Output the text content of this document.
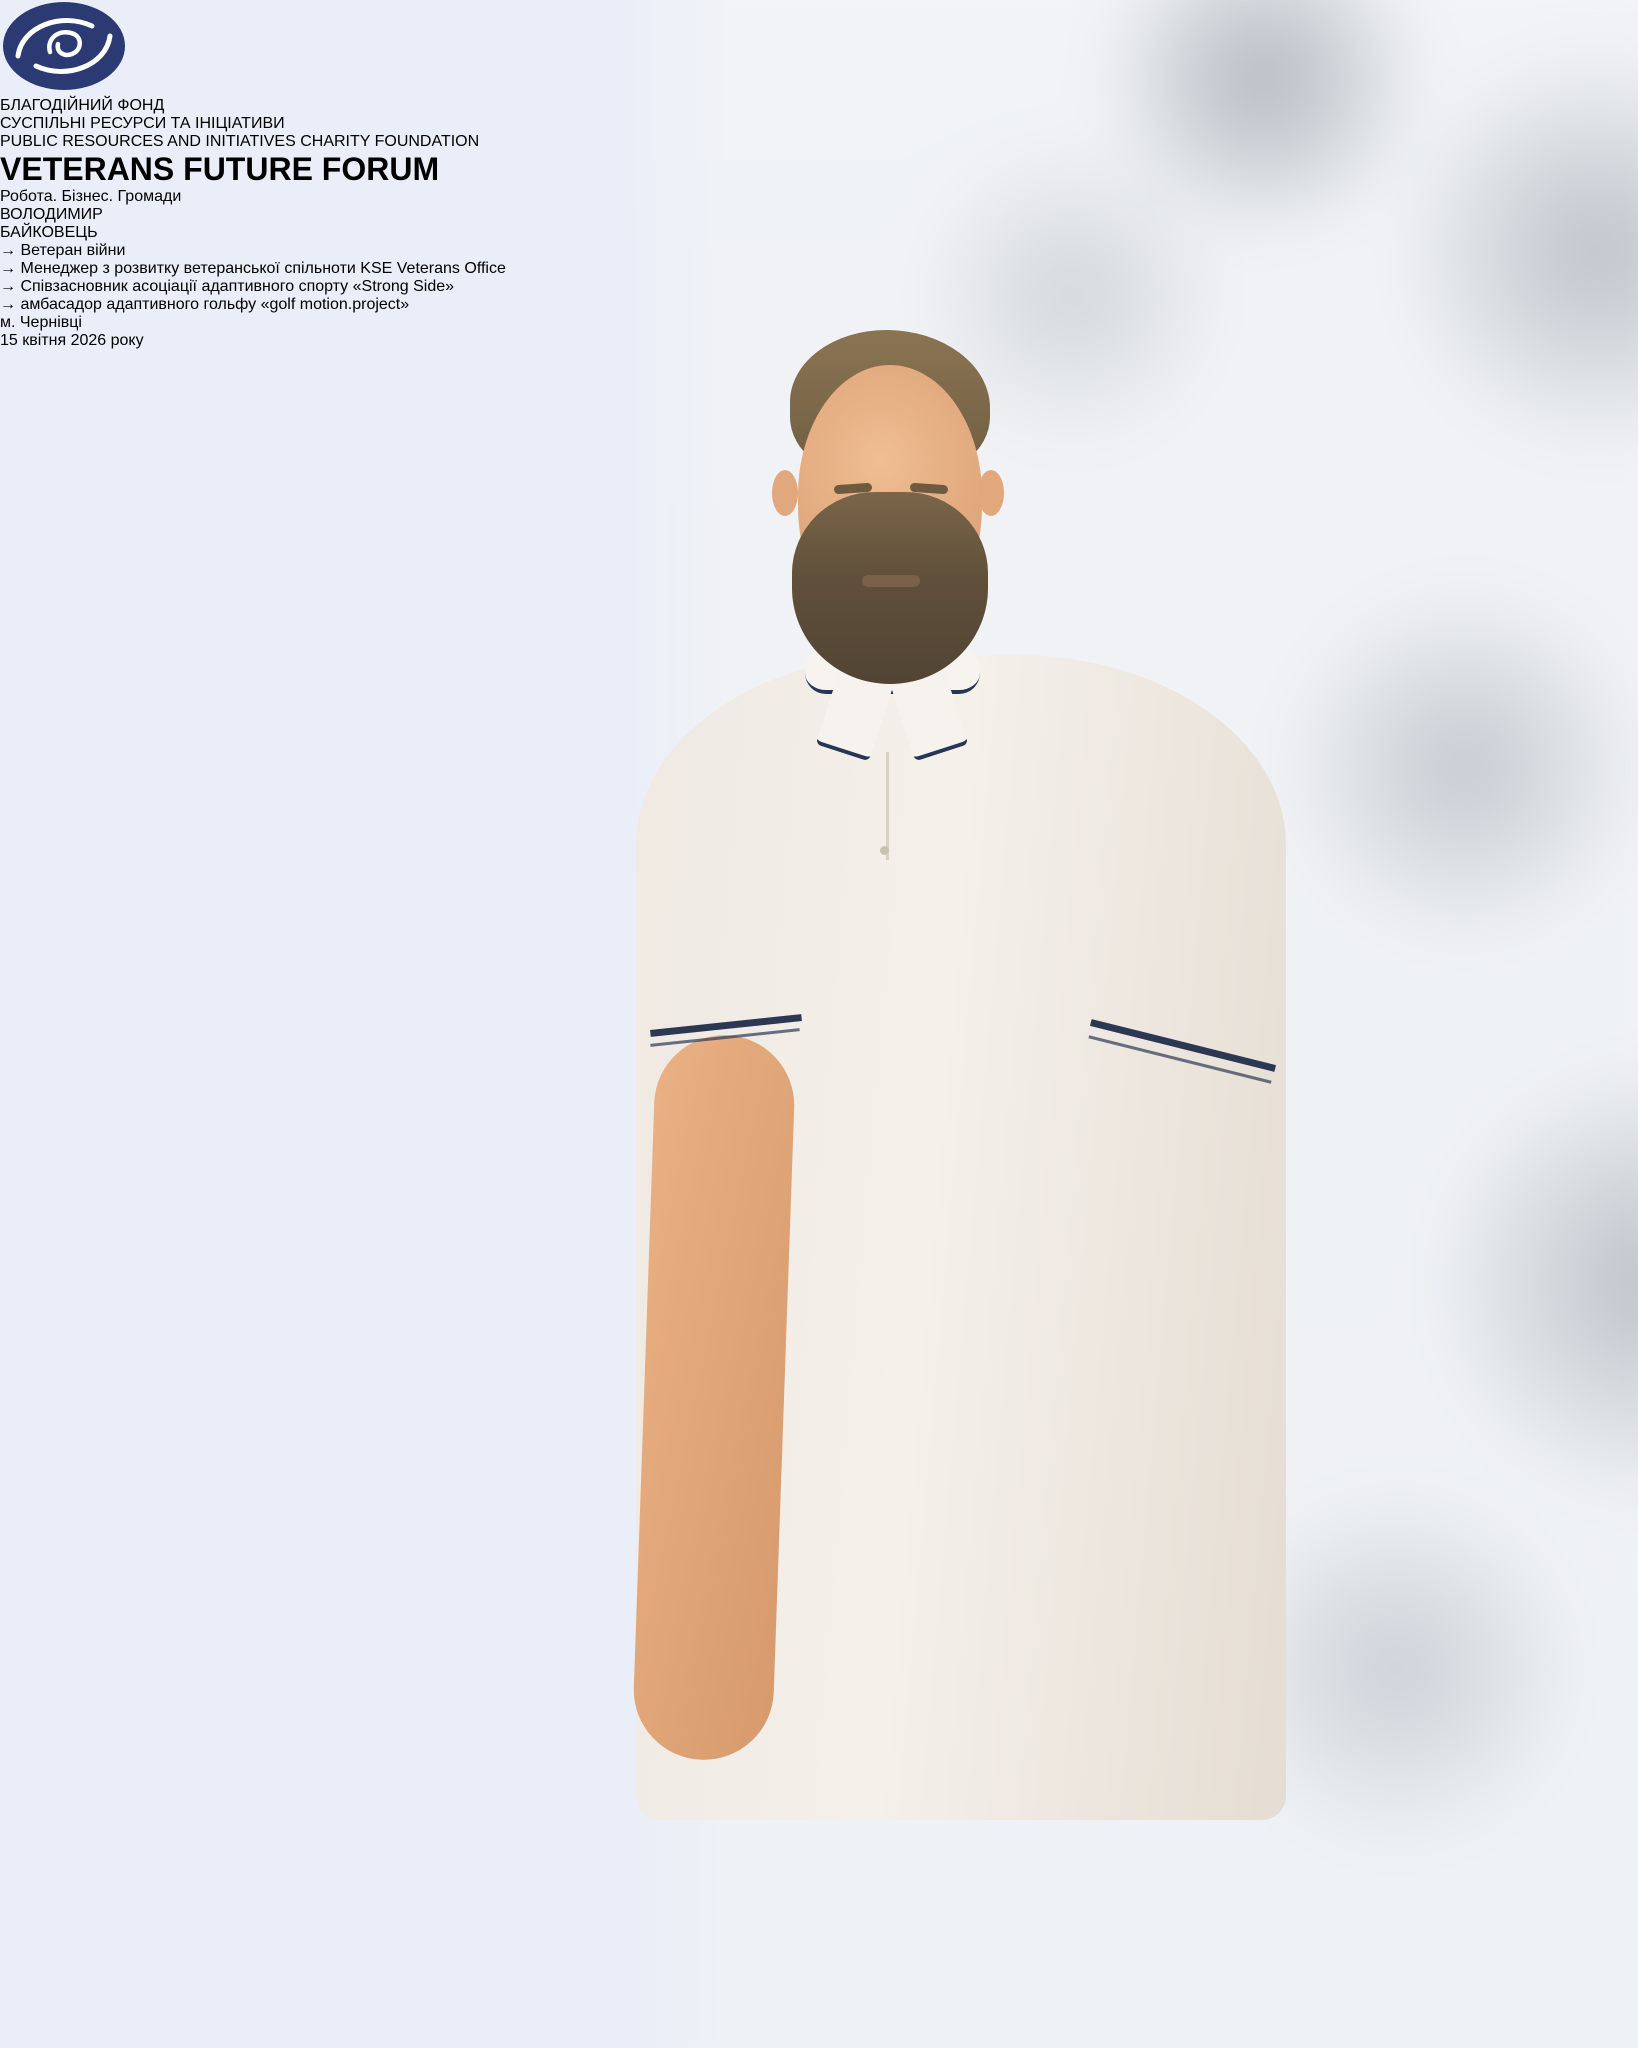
БЛАГОДІЙНИЙ ФОНД
СУСПІЛЬНІ РЕСУРСИ ТА ІНІЦІАТИВИ
PUBLIC RESOURCES AND INITIATIVES CHARITY FOUNDATION
VETERANS FUTURE FORUM
Робота. Бізнес. Громади
ВОЛОДИМИР
БАЙКОВЕЦЬ
→ Ветеран війни
→ Менеджер з розвитку ветеранської спільноти KSE Veterans Office
→ Співзасновник асоціації адаптивного спорту «Strong Side»
→ амбасадор адаптивного гольфу «golf motion.project»
м. Чернівці
15 квітня 2026 року
